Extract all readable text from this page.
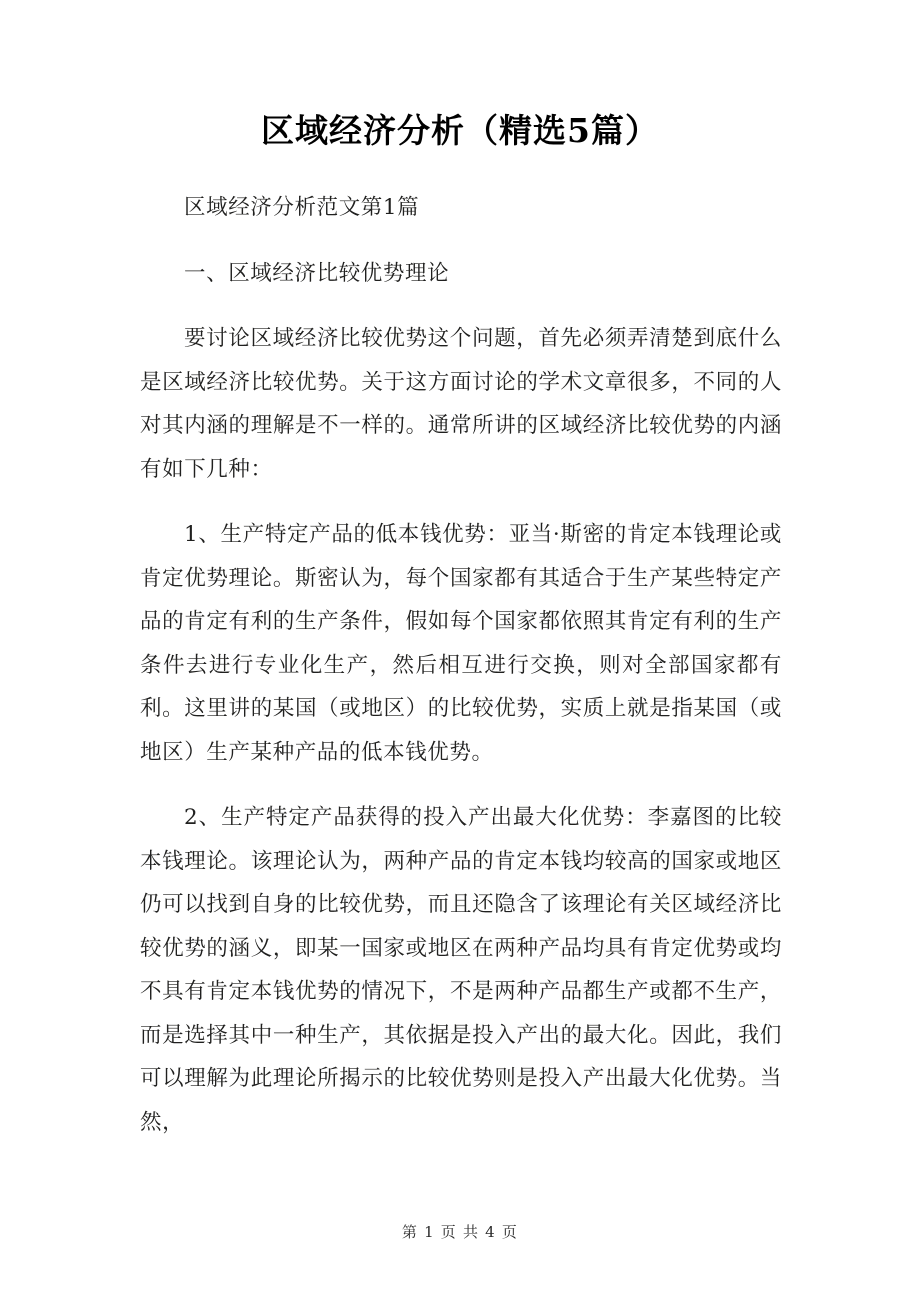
区域经济分析（精选5篇）

区域经济分析范文第1篇

一、区域经济比较优势理论

要讨论区域经济比较优势这个问题，首先必须弄清楚到底什么是区域经济比较优势。关于这方面讨论的学术文章很多，不同的人对其内涵的理解是不一样的。通常所讲的区域经济比较优势的内涵有如下几种：

1、生产特定产品的低本钱优势：亚当·斯密的肯定本钱理论或肯定优势理论。斯密认为，每个国家都有其适合于生产某些特定产品的肯定有利的生产条件，假如每个国家都依照其肯定有利的生产条件去进行专业化生产，然后相互进行交换，则对全部国家都有利。这里讲的某国（或地区）的比较优势，实质上就是指某国（或地区）生产某种产品的低本钱优势。

2、生产特定产品获得的投入产出最大化优势：李嘉图的比较本钱理论。该理论认为，两种产品的肯定本钱均较高的国家或地区仍可以找到自身的比较优势，而且还隐含了该理论有关区域经济比较优势的涵义，即某一国家或地区在两种产品均具有肯定优势或均不具有肯定本钱优势的情况下，不是两种产品都生产或都不生产，而是选择其中一种生产，其依据是投入产出的最大化。因此，我们可以理解为此理论所揭示的比较优势则是投入产出最大化优势。当然，

第 1 页 共 4 页
